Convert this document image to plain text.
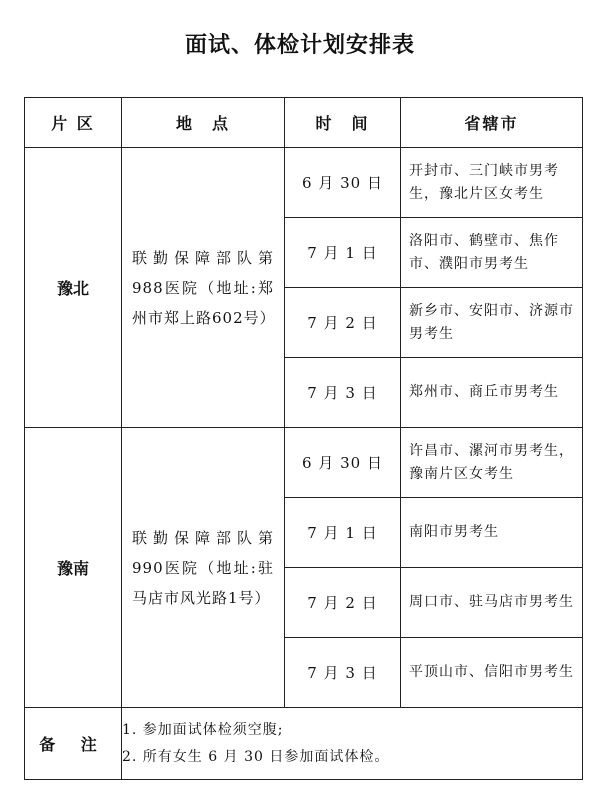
面试、体检计划安排表
片 区	地　点	时　间	省辖市
豫北	联勤保障部队第988医院（地址:郑州市郑上路602号）	6 月 30 日	开封市、三门峡市男考生，豫北片区女考生
		7 月 1 日	洛阳市、鹤壁市、焦作市、濮阳市男考生
		7 月 2 日	新乡市、安阳市、济源市男考生
		7 月 3 日	郑州市、商丘市男考生
豫南	联勤保障部队第990医院（地址:驻马店市风光路1号）	6 月 30 日	许昌市、漯河市男考生，豫南片区女考生
		7 月 1 日	南阳市男考生
		7 月 2 日	周口市、驻马店市男考生
		7 月 3 日	平顶山市、信阳市男考生
备 注	1. 参加面试体检须空腹;
2. 所有女生 6 月 30 日参加面试体检。		
